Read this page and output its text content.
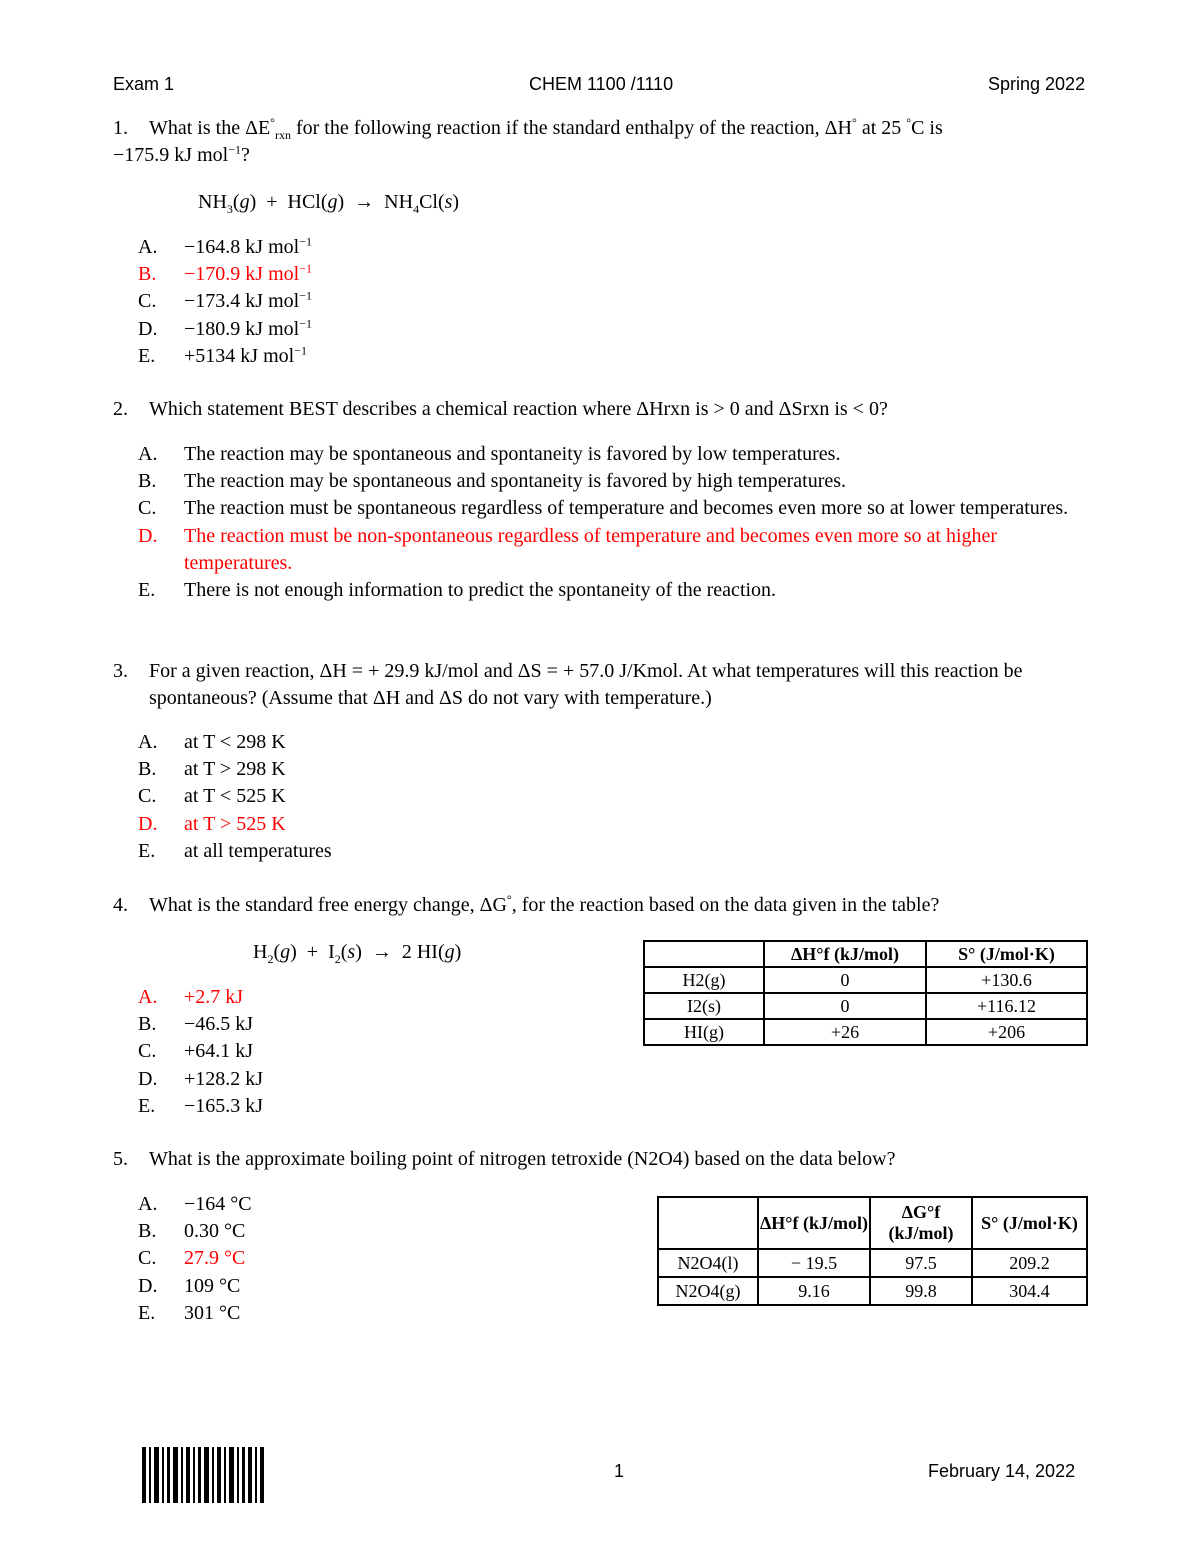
Exam 1	CHEM 1100 /1110	Spring 2022
1. What is the $\Delta E^\circ_{rxn}$ for the following reaction if the standard enthalpy of the reaction, ΔH° at 25 °C is
−175.9 kJ mol$^{-1}$?
$NH_3(g) + HCl(g) \to NH_4Cl(s)$
A. −164.8 kJ mol$^{-1}$
B. −170.9 kJ mol$^{-1}$
C. −173.4 kJ mol$^{-1}$
D. −180.9 kJ mol$^{-1}$
E. +5134 kJ mol$^{-1}$
2. Which statement BEST describes a chemical reaction where ΔHrxn is > 0 and ΔSrxn is < 0?
A. The reaction may be spontaneous and spontaneity is favored by low temperatures.
B. The reaction may be spontaneous and spontaneity is favored by high temperatures.
C. The reaction must be spontaneous regardless of temperature and becomes even more so at lower temperatures.
D. The reaction must be non-spontaneous regardless of temperature and becomes even more so at higher temperatures.
E. There is not enough information to predict the spontaneity of the reaction.
3. For a given reaction, ΔH = + 29.9 kJ/mol and ΔS = + 57.0 J/Kmol. At what temperatures will this reaction be spontaneous? (Assume that ΔH and ΔS do not vary with temperature.)
A. at T < 298 K
B. at T > 298 K
C. at T < 525 K
D. at T > 525 K
E. at all temperatures
4. What is the standard free energy change, ΔG°, for the reaction based on the data given in the table?
$H_2(g) + I_2(s) \to 2$ HI(g)
A. +2.7 kJ
B. −46.5 kJ
C. +64.1 kJ
D. +128.2 kJ
E. −165.3 kJ
	ΔH°f (kJ/mol)	S° (J/mol·K)
H2(g)	0	+130.6
I2(s)	0	+116.12
HI(g)	+26	+206
5. What is the approximate boiling point of nitrogen tetroxide (N2O4) based on the data below?
A. −164 °C
B. 0.30 °C
C. 27.9 °C
D. 109 °C
E. 301 °C
	ΔH°f (kJ/mol)	ΔG°f (kJ/mol)	S° (J/mol·K)
N2O4(l)	− 19.5	97.5	209.2
N2O4(g)	9.16	99.8	304.4
1	February 14, 2022
